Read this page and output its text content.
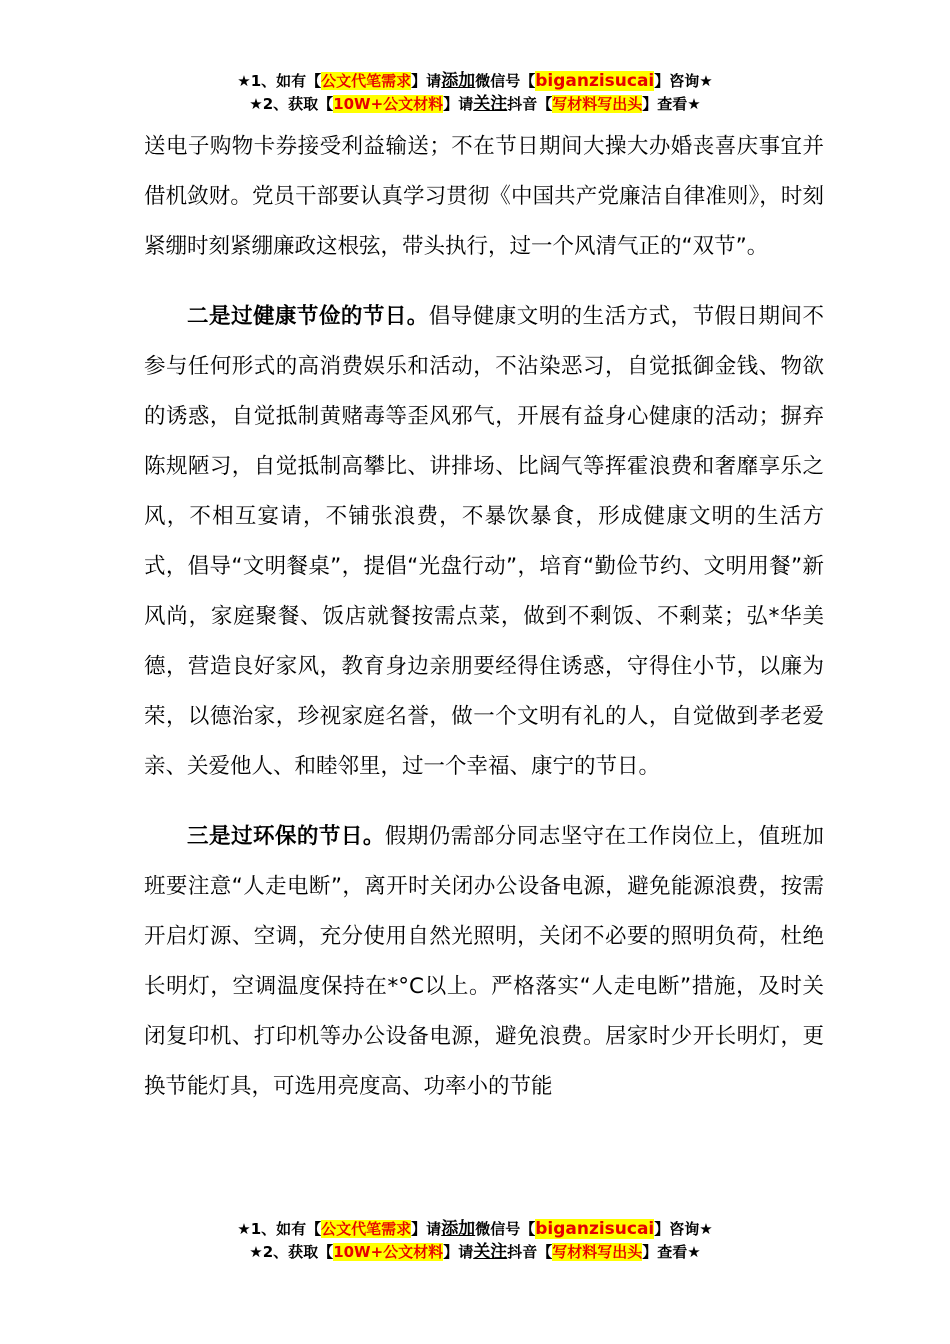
★1、如有【公文代笔需求】请添加微信号【biganzisucai】咨询★
★2、获取【10W+公文材料】请关注抖音【写材料写出头】查看★

送电子购物卡券接受利益输送；不在节日期间大操大办婚丧喜庆事宜并借机敛财。党员干部要认真学习贯彻《中国共产党廉洁自律准则》，时刻紧绷时刻紧绷廉政这根弦，带头执行，过一个风清气正的“双节”。

二是过健康节俭的节日。倡导健康文明的生活方式，节假日期间不参与任何形式的高消费娱乐和活动，不沾染恶习，自觉抵御金钱、物欲的诱惑，自觉抵制黄赌毒等歪风邪气，开展有益身心健康的活动；摒弃陈规陋习，自觉抵制高攀比、讲排场、比阔气等挥霍浪费和奢靡享乐之风，不相互宴请，不铺张浪费，不暴饮暴食，形成健康文明的生活方式，倡导“文明餐桌”，提倡“光盘行动”，培育“勤俭节约、文明用餐”新风尚，家庭聚餐、饭店就餐按需点菜，做到不剩饭、不剩菜；弘*华美德，营造良好家风，教育身边亲朋要经得住诱惑，守得住小节，以廉为荣，以德治家，珍视家庭名誉，做一个文明有礼的人，自觉做到孝老爱亲、关爱他人、和睦邻里，过一个幸福、康宁的节日。

三是过环保的节日。假期仍需部分同志坚守在工作岗位上，值班加班要注意“人走电断”，离开时关闭办公设备电源，避免能源浪费，按需开启灯源、空调，充分使用自然光照明，关闭不必要的照明负荷，杜绝长明灯，空调温度保持在*°C以上。严格落实“人走电断”措施，及时关闭复印机、打印机等办公设备电源，避免浪费。居家时少开长明灯，更换节能灯具，可选用亮度高、功率小的节能

★1、如有【公文代笔需求】请添加微信号【biganzisucai】咨询★
★2、获取【10W+公文材料】请关注抖音【写材料写出头】查看★
